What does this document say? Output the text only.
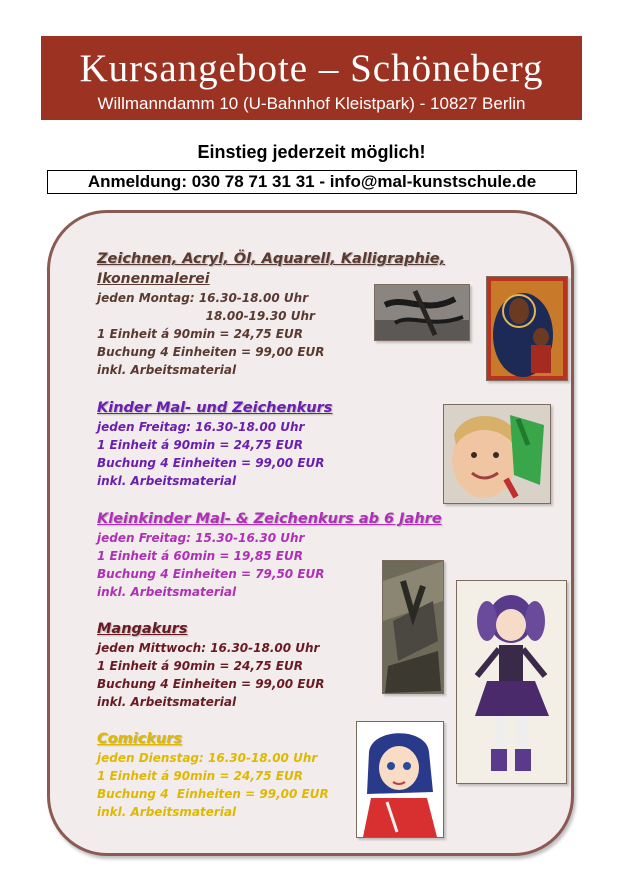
Kursangebote – Schöneberg
Willmanndamm 10 (U-Bahnhof Kleistpark) - 10827 Berlin
Einstieg jederzeit möglich!
Anmeldung: 030 78 71 31 31 - info@mal-kunstschule.de
Zeichnen, Acryl, Öl, Aquarell, Kalligraphie,
Ikonenmalerei
jeden Montag: 16.30-18.00 Uhr
18.00-19.30 Uhr
1 Einheit á 90min = 24,75 EUR
Buchung 4 Einheiten = 99,00 EUR
inkl. Arbeitsmaterial
Kinder Mal- und Zeichenkurs
jeden Freitag: 16.30-18.00 Uhr
1 Einheit á 90min = 24,75 EUR
Buchung 4 Einheiten = 99,00 EUR
inkl. Arbeitsmaterial
Kleinkinder Mal- & Zeichenkurs ab 6 Jahre
jeden Freitag: 15.30-16.30 Uhr
1 Einheit á 60min = 19,85 EUR
Buchung 4 Einheiten = 79,50 EUR
inkl. Arbeitsmaterial
Mangakurs
jeden Mittwoch: 16.30-18.00 Uhr
1 Einheit á 90min = 24,75 EUR
Buchung 4 Einheiten = 99,00 EUR
inkl. Arbeitsmaterial
Comickurs
jeden Dienstag: 16.30-18.00 Uhr
1 Einheit á 90min = 24,75 EUR
Buchung 4  Einheiten = 99,00 EUR
inkl. Arbeitsmaterial
